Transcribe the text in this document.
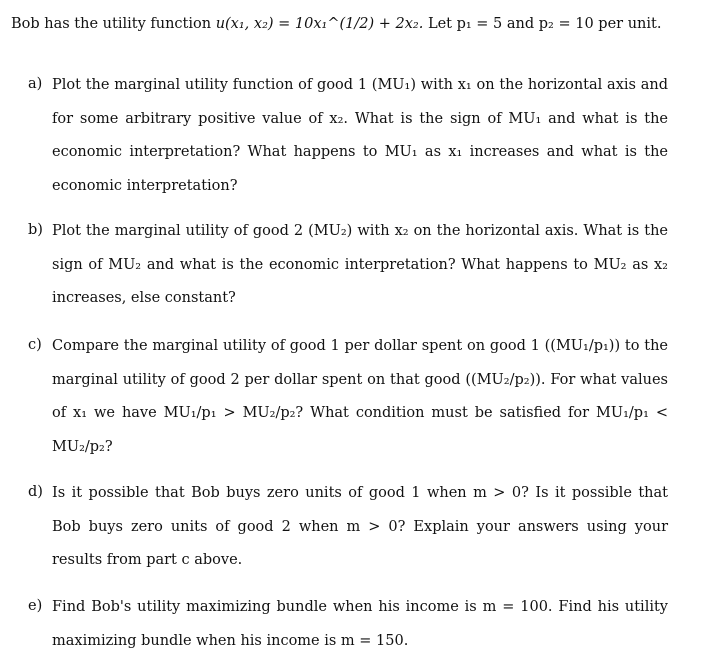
Bob has the utility function u(x₁, x₂) = 10x₁^(1/2) + 2x₂. Let p₁ = 5 and p₂ = 10 per unit.
a) Plot the marginal utility function of good 1 (MU₁) with x₁ on the horizontal axis and for some arbitrary positive value of x₂. What is the sign of MU₁ and what is the economic interpretation? What happens to MU₁ as x₁ increases and what is the economic interpretation?
b) Plot the marginal utility of good 2 (MU₂) with x₂ on the horizontal axis. What is the sign of MU₂ and what is the economic interpretation? What happens to MU₂ as x₂ increases, else constant?
c) Compare the marginal utility of good 1 per dollar spent on good 1 ((MU₁/p₁)) to the marginal utility of good 2 per dollar spent on that good ((MU₂/p₂)). For what values of x₁ we have MU₁/p₁ > MU₂/p₂? What condition must be satisfied for MU₁/p₁ < MU₂/p₂?
d) Is it possible that Bob buys zero units of good 1 when m > 0? Is it possible that Bob buys zero units of good 2 when m > 0? Explain your answers using your results from part c above.
e) Find Bob's utility maximizing bundle when his income is m = 100. Find his utility maximizing bundle when his income is m = 150.
